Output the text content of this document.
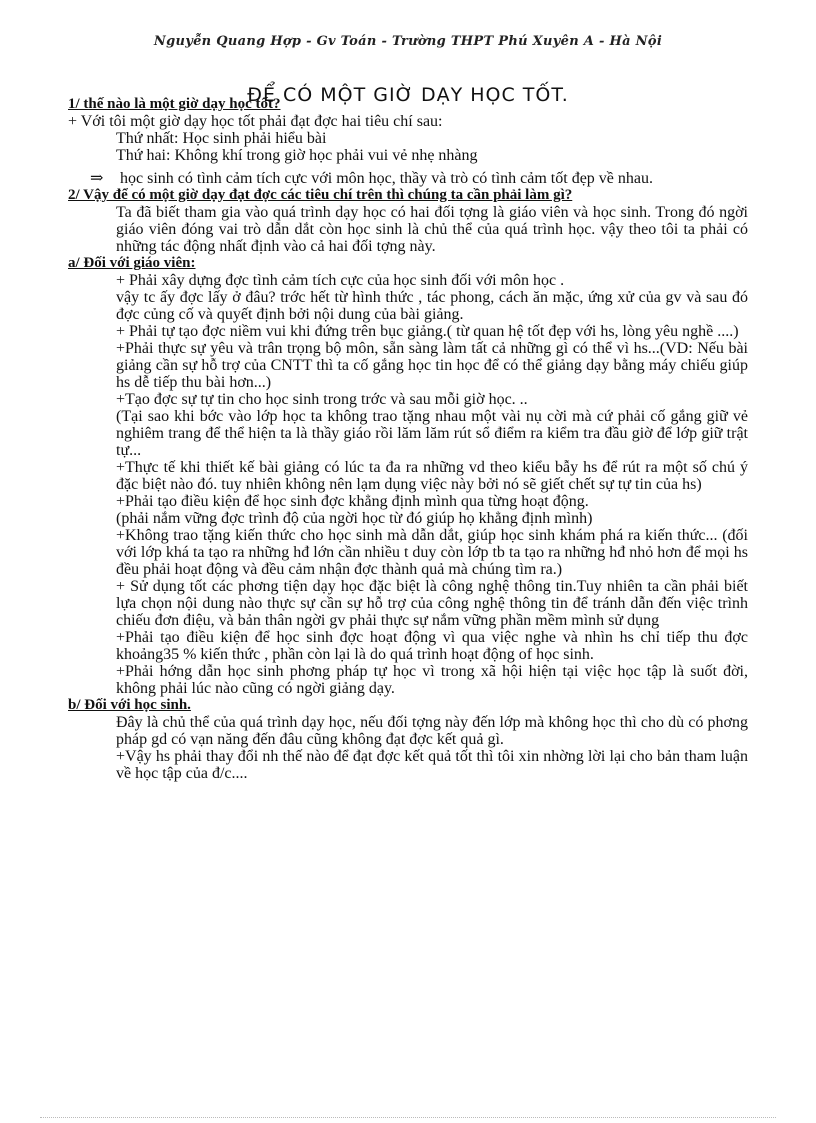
Nguyễn Quang Hợp - Gv Toán - Trường THPT Phú Xuyên A - Hà Nội
ĐỂ CÓ MỘT GIỜ DẠY HỌC TỐT.
1/ thế nào là một giờ dạy học tốt?
+ Với tôi một giờ dạy học tốt phải đạt đợc hai tiêu chí sau:
Thứ nhất: Học sinh phải hiểu bài
Thứ hai: Không khí trong giờ học phải vui vẻ nhẹ nhàng
⇒ học sinh có tình cảm tích cực với môn học, thầy và trò có tình cảm tốt đẹp về nhau.
2/ Vậy để có một giờ dạy đạt đợc các tiêu chí trên thì chúng ta cần phải làm gì?
Ta đã biết tham gia vào quá trình dạy học có hai đối tợng là giáo viên và học sinh. Trong đó ngời giáo viên đóng vai trò dẫn dắt còn học sinh là chủ thể của quá trình học. vậy theo tôi ta phải có những tác động nhất định vào cả hai đối tợng này.
a/ Đối với giáo viên:
+ Phải xây dựng đợc tình cảm tích cực của học sinh đối với môn học .
vậy tc ấy đợc lấy ở đâu? trớc hết từ hình thức , tác phong, cách ăn mặc, ứng xử của gv và sau đó đợc củng cố và quyết định bởi nội dung của bài giảng.
+ Phải tự tạo đợc niềm vui khi đứng trên bục giảng.( từ quan hệ tốt đẹp với hs, lòng yêu nghề ....)
+Phải thực sự yêu và trân trọng bộ môn, sẵn sàng làm tất cả những gì có thể vì hs...(VD: Nếu bài giảng cần sự hỗ trợ của CNTT thì ta cố gắng học tin học để có thể giảng dạy bằng máy chiếu giúp hs dễ tiếp thu bài hơn...)
+Tạo đợc sự tự tin cho học sinh trong trớc và sau mỗi giờ học. ..
(Tại sao khi bớc vào lớp học ta không trao tặng nhau một vài nụ cời mà cứ phải cố gắng giữ vẻ nghiêm trang để thể hiện ta là thầy giáo rồi lăm lăm rút sổ điểm ra kiểm tra đầu giờ để lớp giữ trật tự...
+Thực tế khi thiết kế bài giảng có lúc ta đa ra những vd theo kiểu bẫy hs để rút ra một số chú ý đặc biệt nào đó. tuy nhiên không nên lạm dụng việc này bởi nó sẽ giết chết sự tự tin của hs)
+Phải tạo điều kiện để học sinh đợc khẳng định mình qua từng hoạt động.
(phải nắm vững đợc trình độ của ngời học từ đó giúp họ khẳng định mình)
+Không trao tặng kiến thức cho học sinh mà dẫn dắt, giúp học sinh khám phá ra kiến thức... (đối với lớp khá ta tạo ra những hđ lớn cần nhiều t duy còn lớp tb ta tạo ra những hđ nhỏ hơn để mọi hs đều phải hoạt động và đều cảm nhận đợc thành quả mà chúng tìm ra.)
+ Sử dụng tốt các phơng tiện dạy học đặc biệt là công nghệ thông tin.Tuy nhiên ta cần phải biết lựa chọn nội dung nào thực sự cần sự hỗ trợ của công nghệ thông tin để tránh dẫn đến việc trình chiếu đơn điệu, và bản thân ngời gv phải thực sự nắm vững phần mềm mình sử dụng
+Phải tạo điều kiện để học sinh đợc hoạt động vì qua việc nghe và nhìn hs chỉ tiếp thu đợc khoảng35 % kiến thức , phần còn lại là do quá trình hoạt động of học sinh.
+Phải hớng dẫn học sinh phơng pháp tự học vì trong xã hội hiện tại việc học tập là suốt đời, không phải lúc nào cũng có ngời giảng dạy.
b/ Đối với học sinh.
Đây là chủ thể của quá trình dạy học, nếu đối tợng này đến lớp mà không học thì cho dù có phơng pháp gd có vạn năng đến đâu cũng không đạt đợc kết quả gì.
+Vậy hs phải thay đổi nh thế nào để đạt đợc kết quả tốt thì tôi xin nhờng lời lại cho bản tham luận về học tập của đ/c....
